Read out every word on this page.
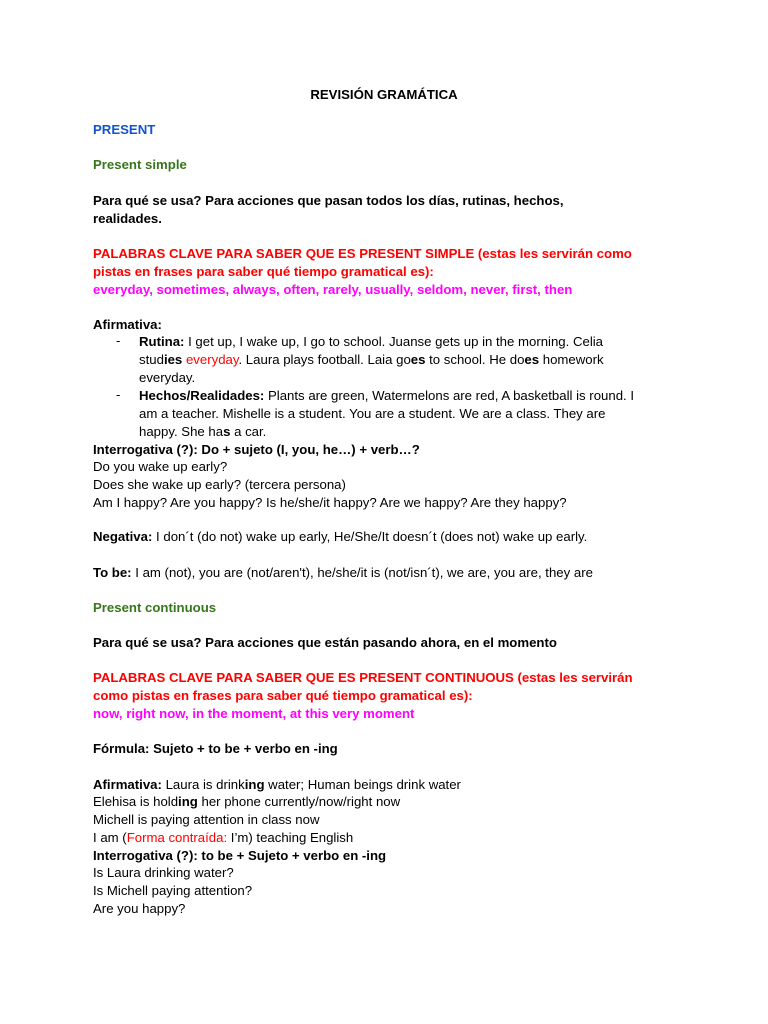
REVISIÓN GRAMÁTICA
PRESENT
Present simple
Para qué se usa? Para acciones que pasan todos los días, rutinas, hechos,
realidades.
PALABRAS CLAVE PARA SABER QUE ES PRESENT SIMPLE (estas les servirán como
pistas en frases para saber qué tiempo gramatical es):
everyday, sometimes, always, often, rarely, usually, seldom, never, first, then
Afirmativa:
- Rutina: I get up, I wake up, I go to school. Juanse gets up in the morning. Celia
studies everyday. Laura plays football. Laia goes to school. He does homework
everyday.
- Hechos/Realidades: Plants are green, Watermelons are red, A basketball is round. I
am a teacher. Mishelle is a student. You are a student. We are a class. They are
happy. She has a car.
Interrogativa (?): Do + sujeto (I, you, he…) + verb…?
Do you wake up early?
Does she wake up early? (tercera persona)
Am I happy? Are you happy? Is he/she/it happy? Are we happy? Are they happy?
Negativa: I don´t (do not) wake up early, He/She/It doesn´t (does not) wake up early.
To be: I am (not), you are (not/aren't), he/she/it is (not/isn´t), we are, you are, they are
Present continuous
Para qué se usa? Para acciones que están pasando ahora, en el momento
PALABRAS CLAVE PARA SABER QUE ES PRESENT CONTINUOUS (estas les servirán
como pistas en frases para saber qué tiempo gramatical es):
now, right now, in the moment, at this very moment
Fórmula: Sujeto + to be + verbo en -ing
Afirmativa: Laura is drinking water; Human beings drink water
Elehisa is holding her phone currently/now/right now
Michell is paying attention in class now
I am (Forma contraída: I’m) teaching English
Interrogativa (?): to be + Sujeto + verbo en -ing
Is Laura drinking water?
Is Michell paying attention?
Are you happy?
